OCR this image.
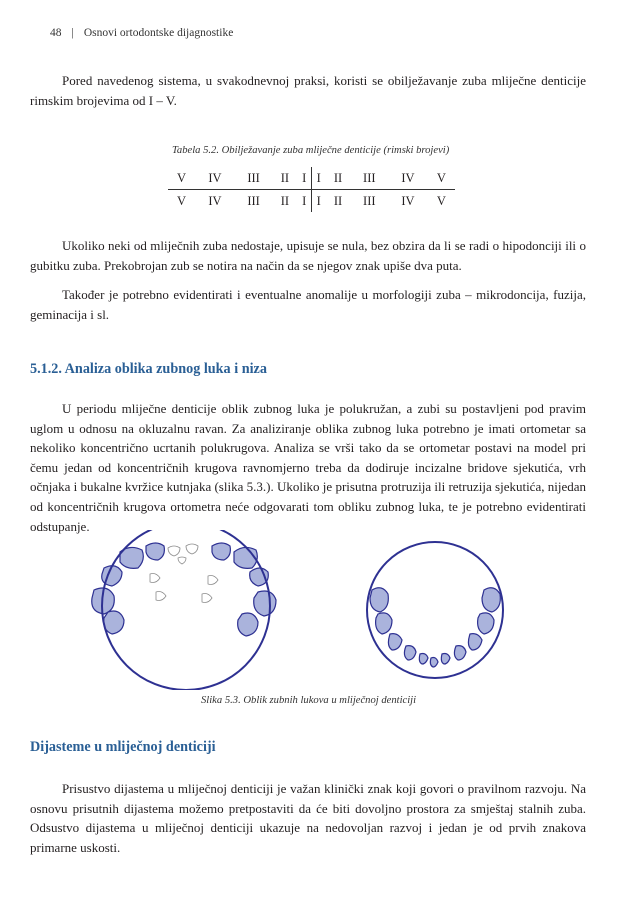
48 | Osnovi ortodontske dijagnostike

Pored navedenog sistema, u svakodnevnoj praksi, koristi se obilježavanje zuba mliječne denticije rimskim brojevima od I – V.

Tabela 5.2. Obilježavanje zuba mliječne denticije (rimski brojevi)
V	IV	III	II	I	I	II	III	IV	V
V	IV	III	II	I	I	II	III	IV	V

Ukoliko neki od mliječnih zuba nedostaje, upisuje se nula, bez obzira da li se radi o hipodonciji ili o gubitku zuba. Prekobrojan zub se notira na način da se njegov znak upiše dva puta.

Također je potrebno evidentirati i eventualne anomalije u morfologiji zuba – mikrodoncija, fuzija, geminacija i sl.

5.1.2. Analiza oblika zubnog luka i niza

U periodu mliječne denticije oblik zubnog luka je polukružan, a zubi su postavljeni pod pravim uglom u odnosu na okluzalnu ravan. Za analiziranje oblika zubnog luka potrebno je imati ortometar sa nekoliko koncentrično ucrtanih polukrugova. Analiza se vrši tako da se ortometar postavi na model pri čemu jedan od koncentričnih krugova ravnomjerno treba da dodiruje incizalne bridove sjekutića, vrh očnjaka i bukalne kvržice kutnjaka (slika 5.3.). Ukoliko je prisutna protruzija ili retruzija sjekutića, nijedan od koncentričnih krugova ortometra neće odgovarati tom obliku zubnog luka, te je potrebno evidentirati odstupanje.

Slika 5.3. Oblik zubnih lukova u mliječnoj denticiji
Dijasteme u mliječnoj denticiji

Prisustvo dijastema u mliječnoj denticiji je važan klinički znak koji govori o pravilnom razvoju. Na osnovu prisutnih dijastema možemo pretpostaviti da će biti dovoljno prostora za smještaj stalnih zuba. Odsustvo dijastema u mliječnoj denticiji ukazuje na nedovoljan razvoj i jedan je od prvih znakova primarne uskosti.
